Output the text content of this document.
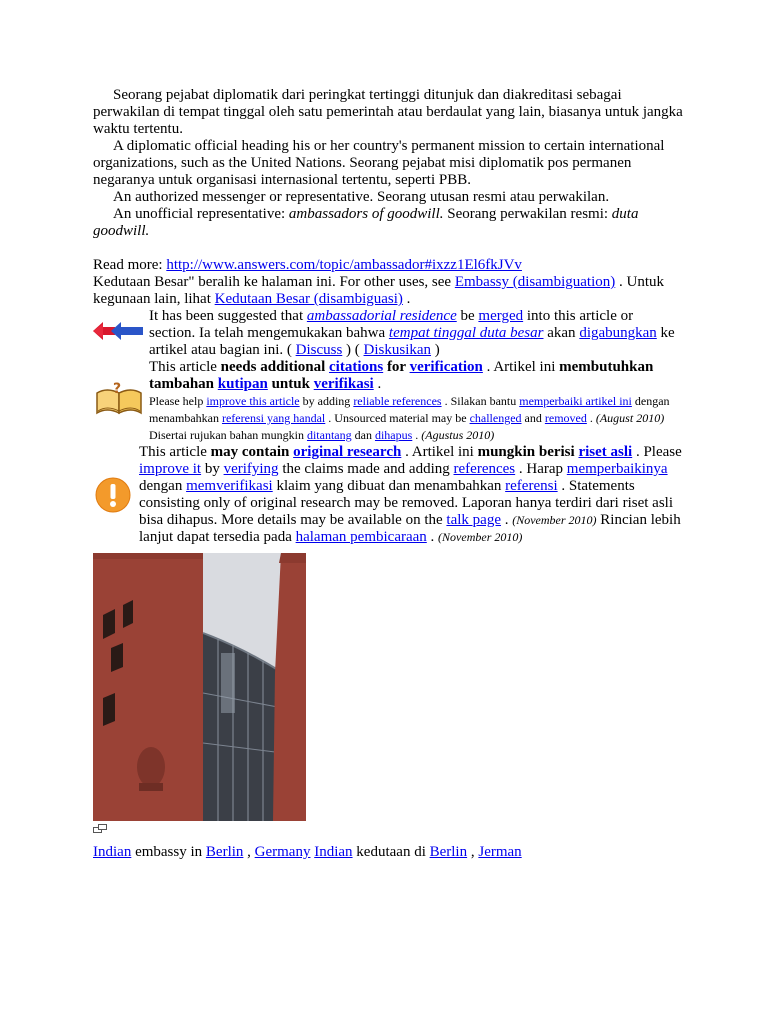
Seorang pejabat diplomatik dari peringkat tertinggi ditunjuk dan diakreditasi sebagai perwakilan di tempat tinggal oleh satu pemerintah atau berdaulat yang lain, biasanya untuk jangka waktu tertentu.

A diplomatic official heading his or her country's permanent mission to certain international organizations, such as the United Nations. Seorang pejabat misi diplomatik pos permanen negaranya untuk organisasi internasional tertentu, seperti PBB.

An authorized messenger or representative. Seorang utusan resmi atau perwakilan.

An unofficial representative: ambassadors of goodwill. Seorang perwakilan resmi: duta goodwill.

Read more: http://www.answers.com/topic/ambassador#ixzz1El6fkJVv

Kedutaan Besar" beralih ke halaman ini. For other uses, see Embassy (disambiguation) . Untuk kegunaan lain, lihat Kedutaan Besar (disambiguasi) .

It has been suggested that ambassadorial residence be merged into this article or section. Ia telah mengemukakan bahwa tempat tinggal duta besar akan digabungkan ke artikel atau bagian ini. ( Discuss ) ( Diskusikan )

?

This article needs additional citations for verification . Artikel ini membutuhkan tambahan kutipan untuk verifikasi .

Please help improve this article by adding reliable references . Silakan bantu memperbaiki artikel ini dengan menambahkan referensi yang handal . Unsourced material may be challenged and removed . (August 2010) Disertai rujukan bahan mungkin ditantang dan dihapus . (Agustus 2010)

This article may contain original research . Artikel ini mungkin berisi riset asli . Please improve it by verifying the claims made and adding references . Harap memperbaikinya dengan memverifikasi klaim yang dibuat dan menambahkan referensi . Statements consisting only of original research may be removed. Laporan hanya terdiri dari riset asli bisa dihapus. More details may be available on the talk page . (November 2010) Rincian lebih lanjut dapat tersedia pada halaman pembicaraan . (November 2010)

Indian embassy in Berlin , Germany Indian kedutaan di Berlin , Jerman
